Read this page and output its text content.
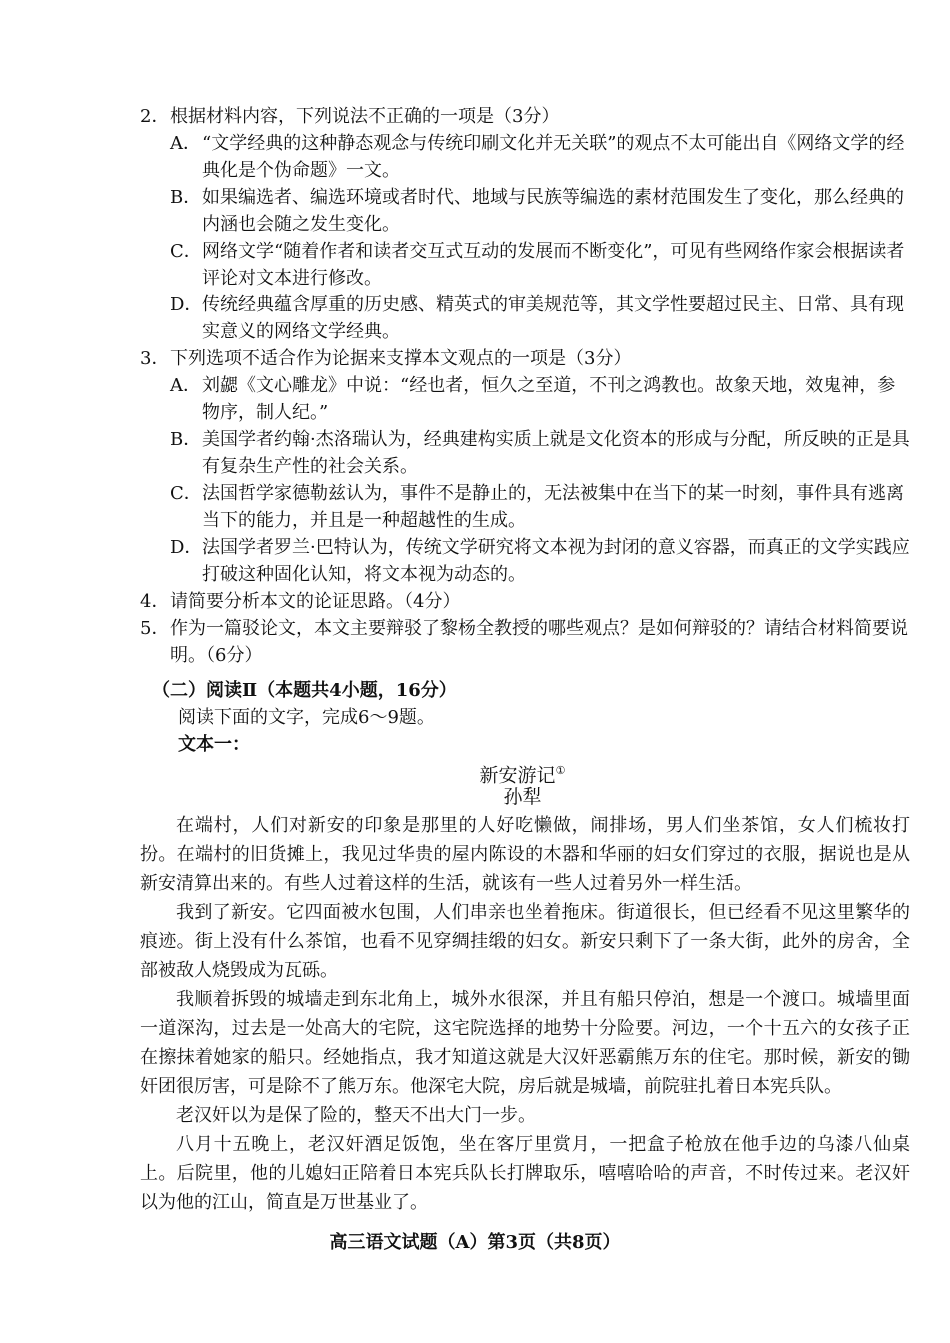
2．根据材料内容，下列说法不正确的一项是（3分）
A． “文学经典的这种静态观念与传统印刷文化并无关联”的观点不太可能出自《网络文学的经典化是个伪命题》一文。
B． 如果编选者、编选环境或者时代、地域与民族等编选的素材范围发生了变化，那么经典的内涵也会随之发生变化。
C． 网络文学“随着作者和读者交互式互动的发展而不断变化”，可见有些网络作家会根据读者评论对文本进行修改。
D． 传统经典蕴含厚重的历史感、精英式的审美规范等，其文学性要超过民主、日常、具有现实意义的网络文学经典。
3．下列选项不适合作为论据来支撑本文观点的一项是（3分）
A． 刘勰《文心雕龙》中说：“经也者，恒久之至道，不刊之鸿教也。故象天地，效鬼神，参物序，制人纪。”
B． 美国学者约翰·杰洛瑞认为，经典建构实质上就是文化资本的形成与分配，所反映的正是具有复杂生产性的社会关系。
C． 法国哲学家德勒兹认为，事件不是静止的，无法被集中在当下的某一时刻，事件具有逃离当下的能力，并且是一种超越性的生成。
D． 法国学者罗兰·巴特认为，传统文学研究将文本视为封闭的意义容器，而真正的文学实践应打破这种固化认知，将文本视为动态的。
4．请简要分析本文的论证思路。（4分）
5． 作为一篇驳论文，本文主要辩驳了黎杨全教授的哪些观点？是如何辩驳的？请结合材料简要说明。（6分）
（二）阅读Ⅱ（本题共4小题，16分）
阅读下面的文字，完成6～9题。
文本一：
新安游记①
孙犁
在端村，人们对新安的印象是那里的人好吃懒做，闹排场，男人们坐茶馆，女人们梳妆打扮。在端村的旧货摊上，我见过华贵的屋内陈设的木器和华丽的妇女们穿过的衣服，据说也是从新安清算出来的。有些人过着这样的生活，就该有一些人过着另外一样生活。
我到了新安。它四面被水包围，人们串亲也坐着拖床。街道很长，但已经看不见这里繁华的痕迹。街上没有什么茶馆，也看不见穿绸挂缎的妇女。新安只剩下了一条大街，此外的房舍，全部被敌人烧毁成为瓦砾。
我顺着拆毁的城墙走到东北角上，城外水很深，并且有船只停泊，想是一个渡口。城墙里面一道深沟，过去是一处高大的宅院，这宅院选择的地势十分险要。河边，一个十五六的女孩子正在擦抹着她家的船只。经她指点，我才知道这就是大汉奸恶霸熊万东的住宅。那时候，新安的锄奸团很厉害，可是除不了熊万东。他深宅大院，房后就是城墙，前院驻扎着日本宪兵队。
老汉奸以为是保了险的，整天不出大门一步。
八月十五晚上，老汉奸酒足饭饱，坐在客厅里赏月，一把盒子枪放在他手边的乌漆八仙桌上。后院里，他的儿媳妇正陪着日本宪兵队长打牌取乐，嘻嘻哈哈的声音，不时传过来。老汉奸以为他的江山，简直是万世基业了。
高三语文试题（A）第3页（共8页）
